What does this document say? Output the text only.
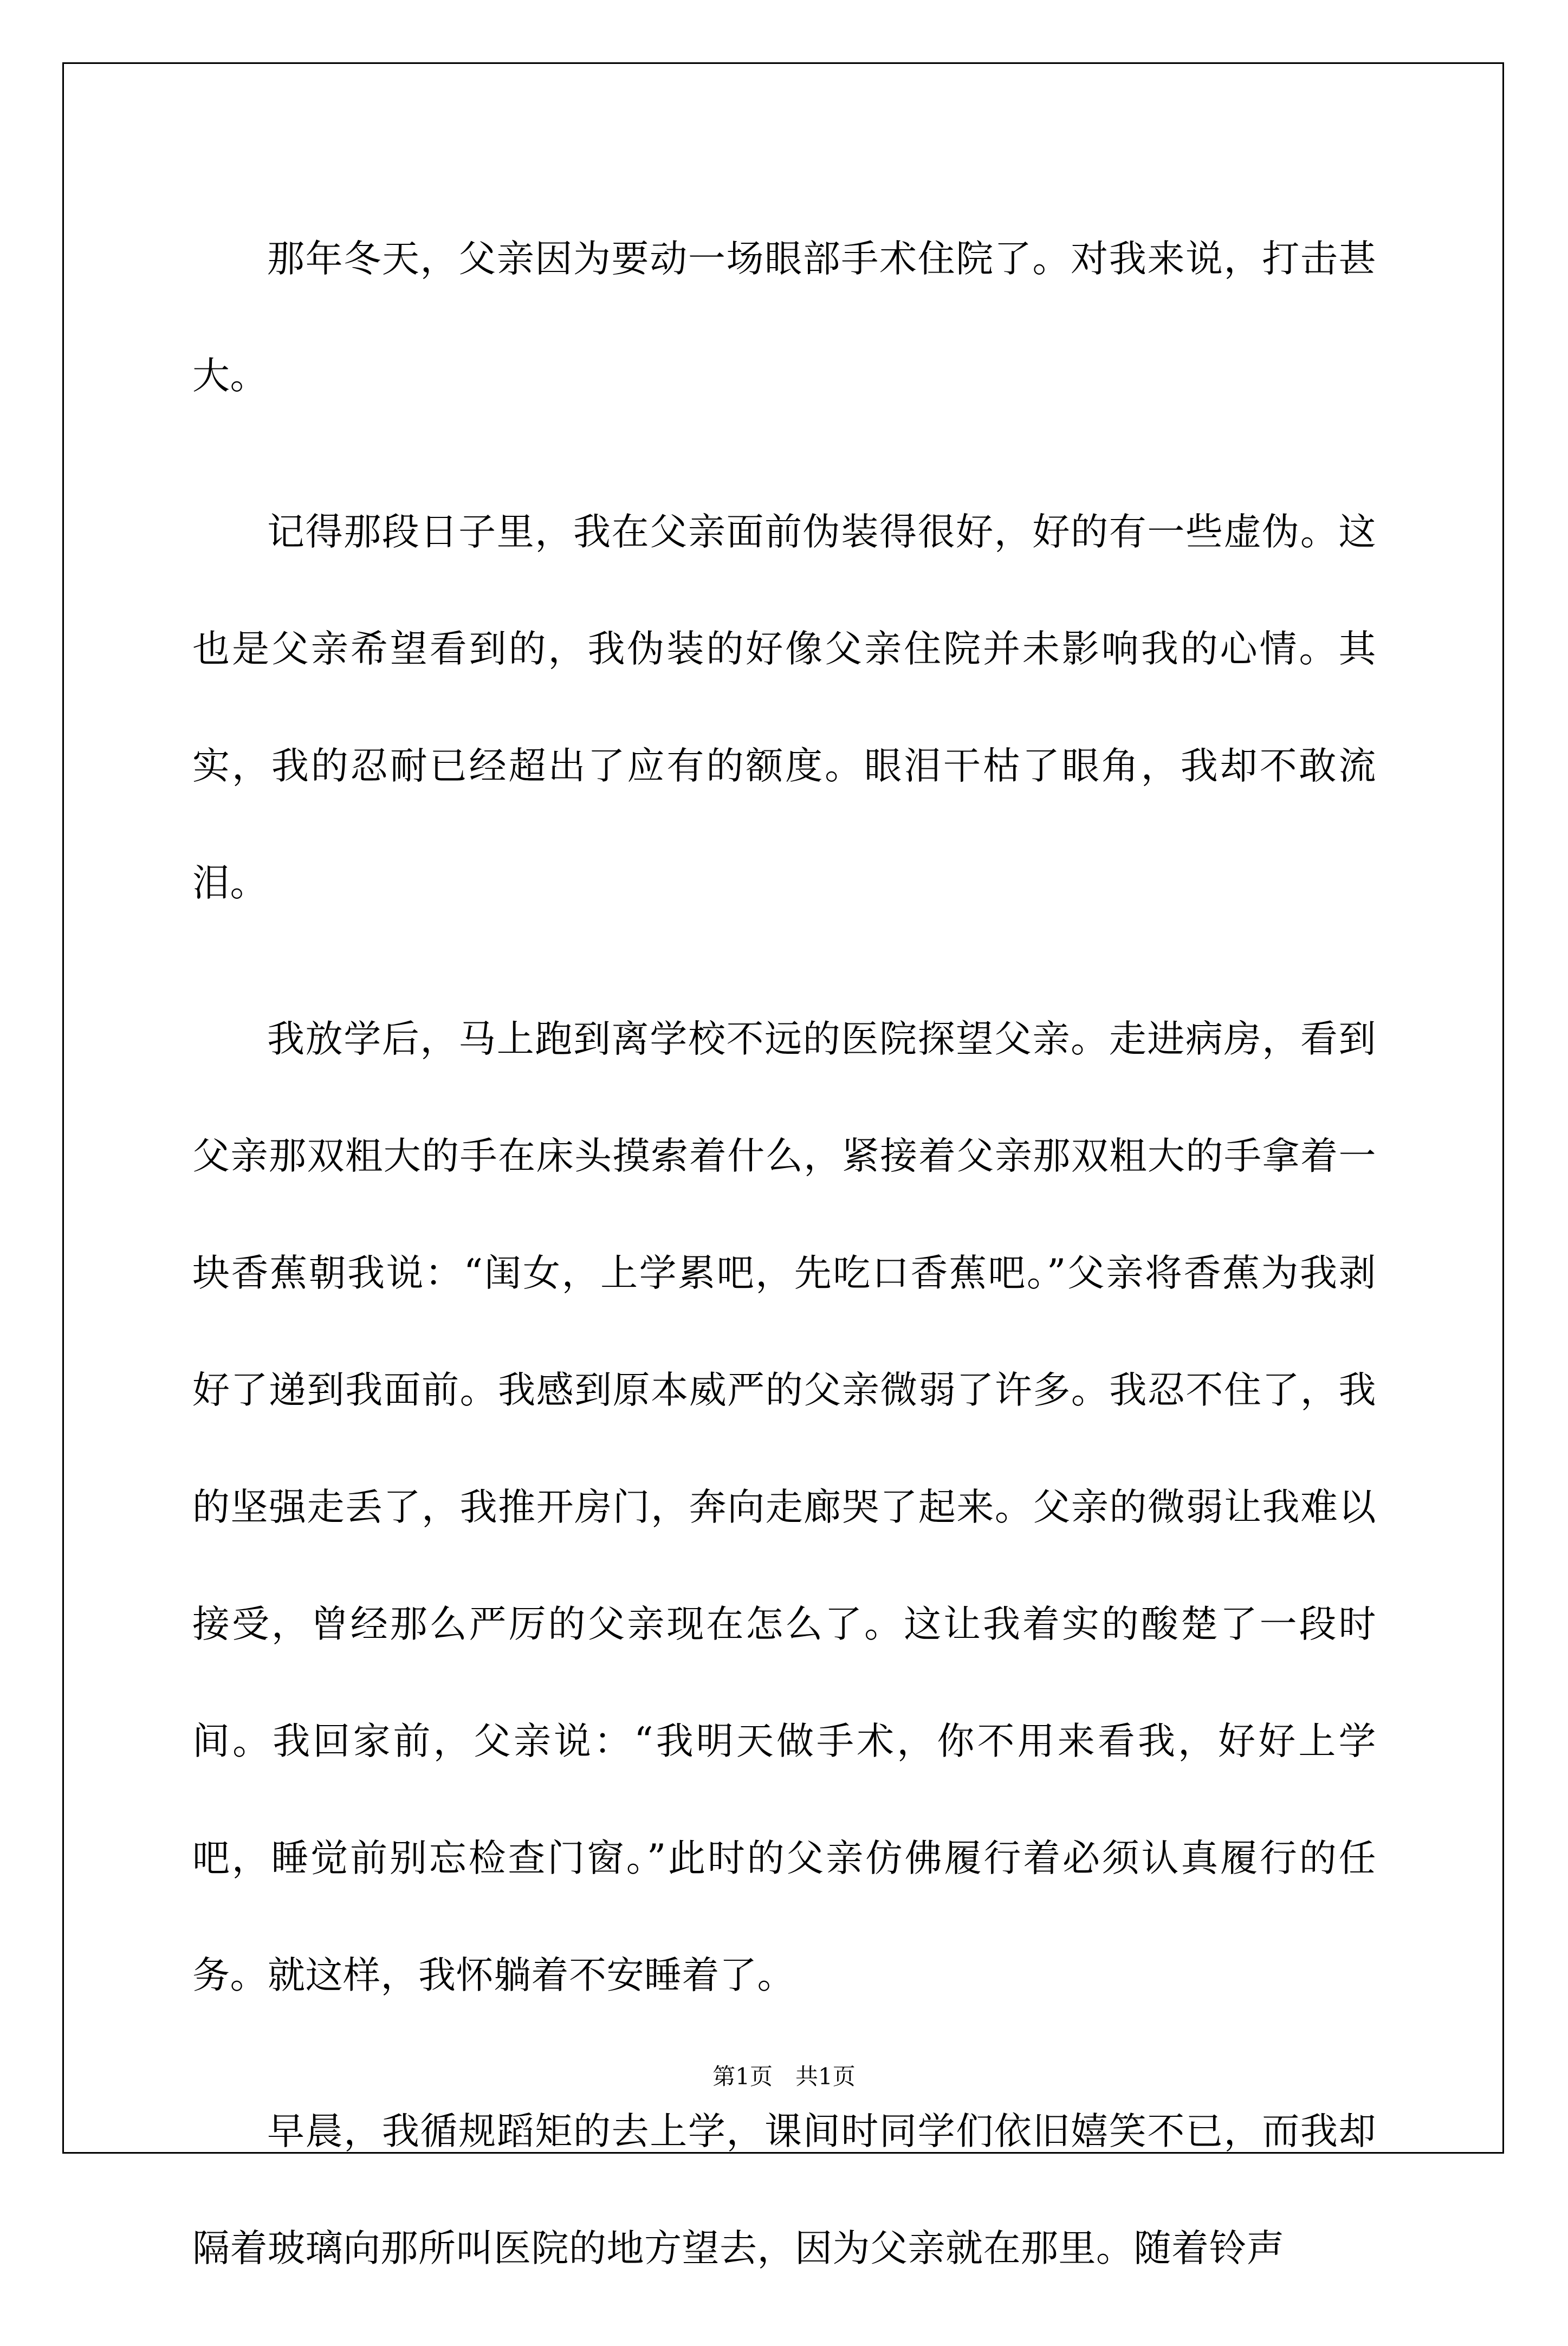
那年冬天，父亲因为要动一场眼部手术住院了。对我来说，打击甚大。

记得那段日子里，我在父亲面前伪装得很好，好的有一些虚伪。这也是父亲希望看到的，我伪装的好像父亲住院并未影响我的心情。其实，我的忍耐已经超出了应有的额度。眼泪干枯了眼角，我却不敢流泪。

我放学后，马上跑到离学校不远的医院探望父亲。走进病房，看到父亲那双粗大的手在床头摸索着什么，紧接着父亲那双粗大的手拿着一块香蕉朝我说：“闺女，上学累吧，先吃口香蕉吧。”父亲将香蕉为我剥好了递到我面前。我感到原本威严的父亲微弱了许多。我忍不住了，我的坚强走丢了，我推开房门，奔向走廊哭了起来。父亲的微弱让我难以接受，曾经那么严厉的父亲现在怎么了。这让我着实的酸楚了一段时间。我回家前，父亲说：“我明天做手术，你不用来看我，好好上学吧，睡觉前别忘检查门窗。”此时的父亲仿佛履行着必须认真履行的任务。就这样，我怀躺着不安睡着了。

早晨，我循规蹈矩的去上学，课间时同学们依旧嬉笑不已，而我却隔着玻璃向那所叫医院的地方望去，因为父亲就在那里。随着铃声

第1页　共1页
